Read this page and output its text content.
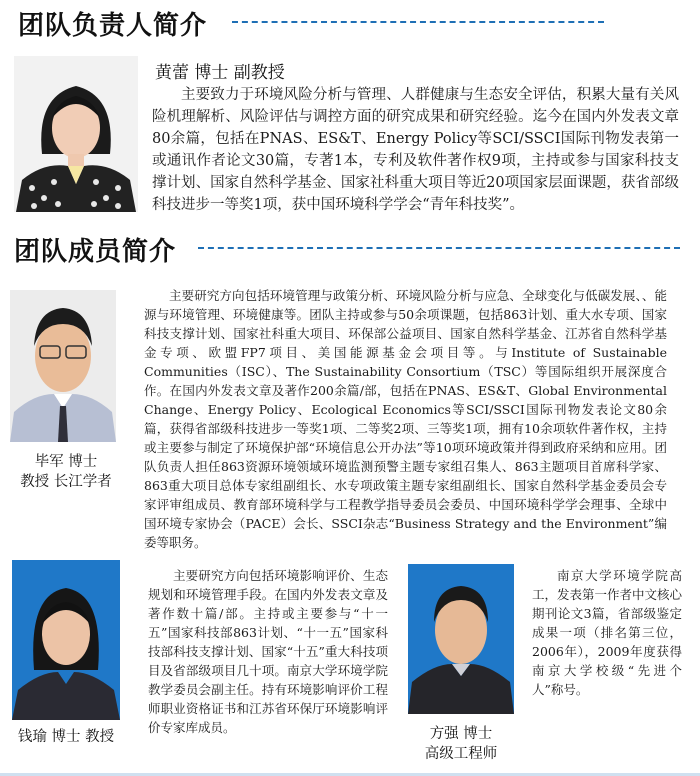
团队负责人简介
黄蕾 博士 副教授

主要致力于环境风险分析与管理、人群健康与生态安全评估，积累大量有关风险机理解析、风险评估与调控方面的研究成果和研究经验。迄今在国内外发表文章80余篇，包括在PNAS、ES&T、Energy Policy等SCI/SSCI国际刊物发表第一或通讯作者论文30篇，专著1本，专利及软件著作权9项，主持或参与国家科技支撑计划、国家自然科学基金、国家社科重大项目等近20项国家层面课题，获省部级科技进步一等奖1项，获中国环境科学学会“青年科技奖”。

团队成员简介
毕军 博士
教授 长江学者

主要研究方向包括环境管理与政策分析、环境风险分析与应急、全球变化与低碳发展、、能源与环境管理、环境健康等。团队主持或参与50余项课题，包括863计划、重大水专项、国家科技支撑计划、国家社科重大项目、环保部公益项目、国家自然科学基金、江苏省自然科学基金专项、欧盟FP7项目、美国能源基金会项目等。与Institute of Sustainable Communities（ISC）、The Sustainability Consortium（TSC）等国际组织开展深度合作。在国内外发表文章及著作200余篇/部，包括在PNAS、ES&T、Global Environmental Change、Energy Policy、Ecological Economics等SCI/SSCI国际刊物发表论文80余篇，获得省部级科技进步一等奖1项、二等奖2项、三等奖1项，拥有10余项软件著作权，主持或主要参与制定了环境保护部“环境信息公开办法”等10项环境政策并得到政府采纳和应用。团队负责人担任863资源环境领域环境监测预警主题专家组召集人、863主题项目首席科学家、863重大项目总体专家组副组长、水专项政策主题专家组副组长、国家自然科学基金委员会专家评审组成员、教育部环境科学与工程教学指导委员会委员、中国环境科学学会理事、全球中国环境专家协会（PACE）会长、SSCI杂志“Business Strategy and the Environment”编委等职务。

钱瑜 博士 教授

主要研究方向包括环境影响评价、生态规划和环境管理手段。在国内外发表文章及著作数十篇/部。主持或主要参与“十一五”国家科技部863计划、“十一五”国家科技部科技支撑计划、国家“十五”重大科技项目及省部级项目几十项。南京大学环境学院教学委员会副主任。持有环境影响评价工程师职业资格证书和江苏省环保厅环境影响评价专家库成员。	方强 博士
高级工程师

南京大学环境学院高工，发表第一作者中文核心期刊论文3篇，省部级鉴定成果一项（排名第三位，2006年），2009年度获得南京大学校级“先进个人”称号。
